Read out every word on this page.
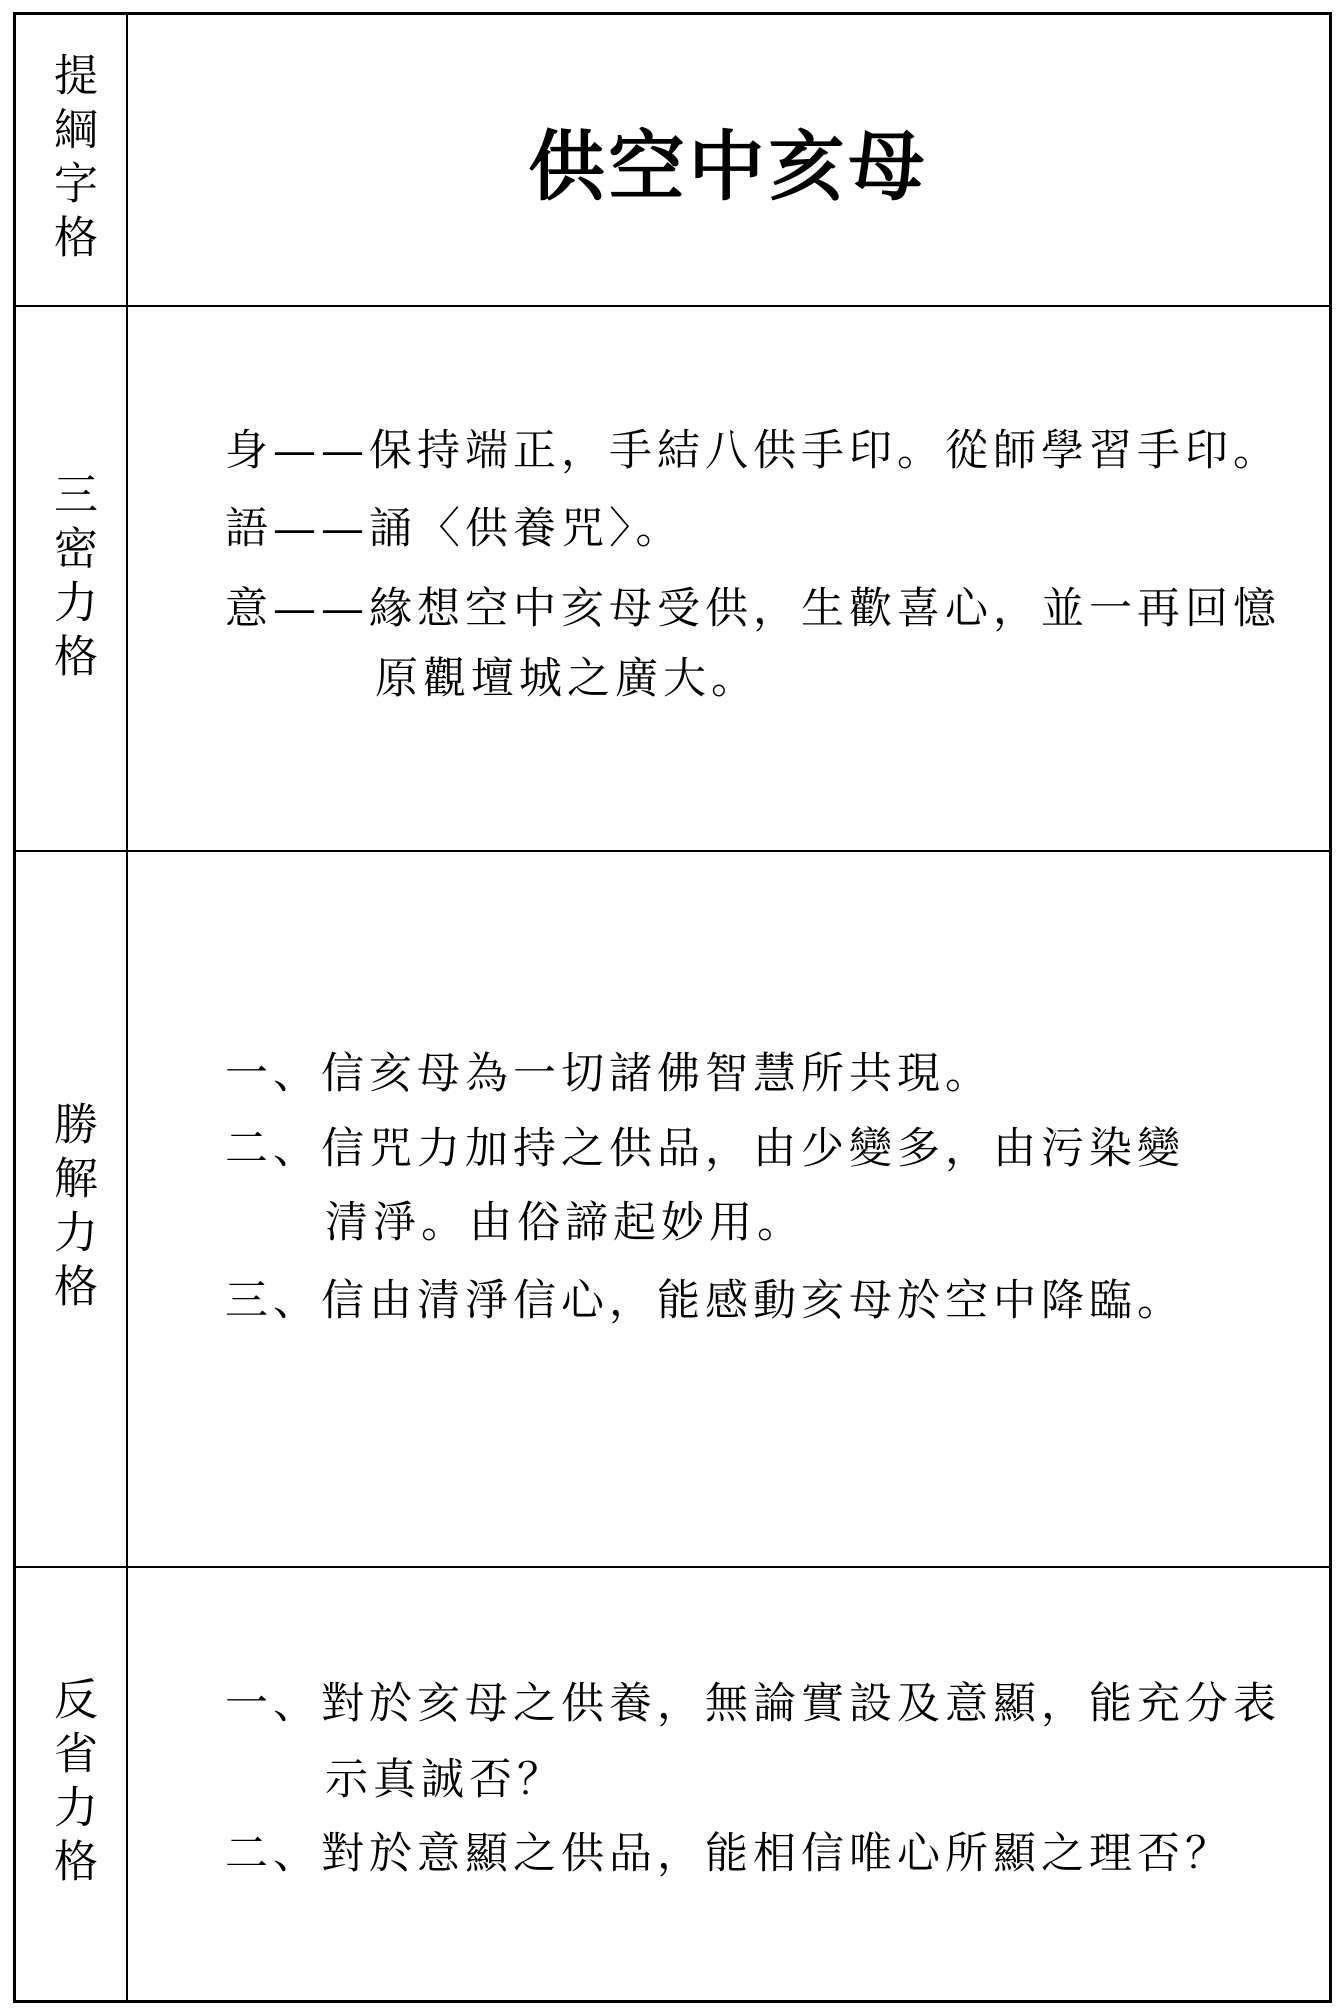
提綱字格	供空中亥母
三密力格
身——保持端正，手結八供手印。從師學習手印。
語——誦〈供養咒〉。
意——緣想空中亥母受供，生歡喜心，並一再回憶
原觀壇城之廣大。
勝解力格
一、信亥母為一切諸佛智慧所共現。
二、信咒力加持之供品，由少變多，由污染變
清淨。由俗諦起妙用。
三、信由清淨信心，能感動亥母於空中降臨。
反省力格	一、對於亥母之供養，無論實設及意顯，能充分表
示真誠否？
二、對於意顯之供品，能相信唯心所顯之理否？
